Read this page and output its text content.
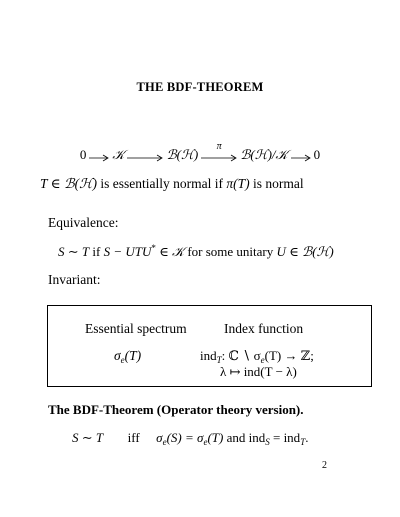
THE BDF-THEOREM
0 𝒦	ℬ(ℋ)
π
ℬ(ℋ)/𝒦 0
T ∈ ℬ(ℋ) is essentially normal if π(T) is normal
Equivalence:
S ∼ T if S − UTU* ∈ 𝒦 for some unitary U ∈ ℬ(ℋ)
Invariant:
Essential spectrum	Index function
$\sigma_e(T)$	ind$_T$: ℂ ∖ $\sigma_e(T)$ → ℤ;
λ ↦ ind(T − λ)
The BDF-Theorem (Operator theory version).
S ∼ T iff $\sigma_e(S) = \sigma_e(T)$ and ind$_S$ = ind$_T$.
2
